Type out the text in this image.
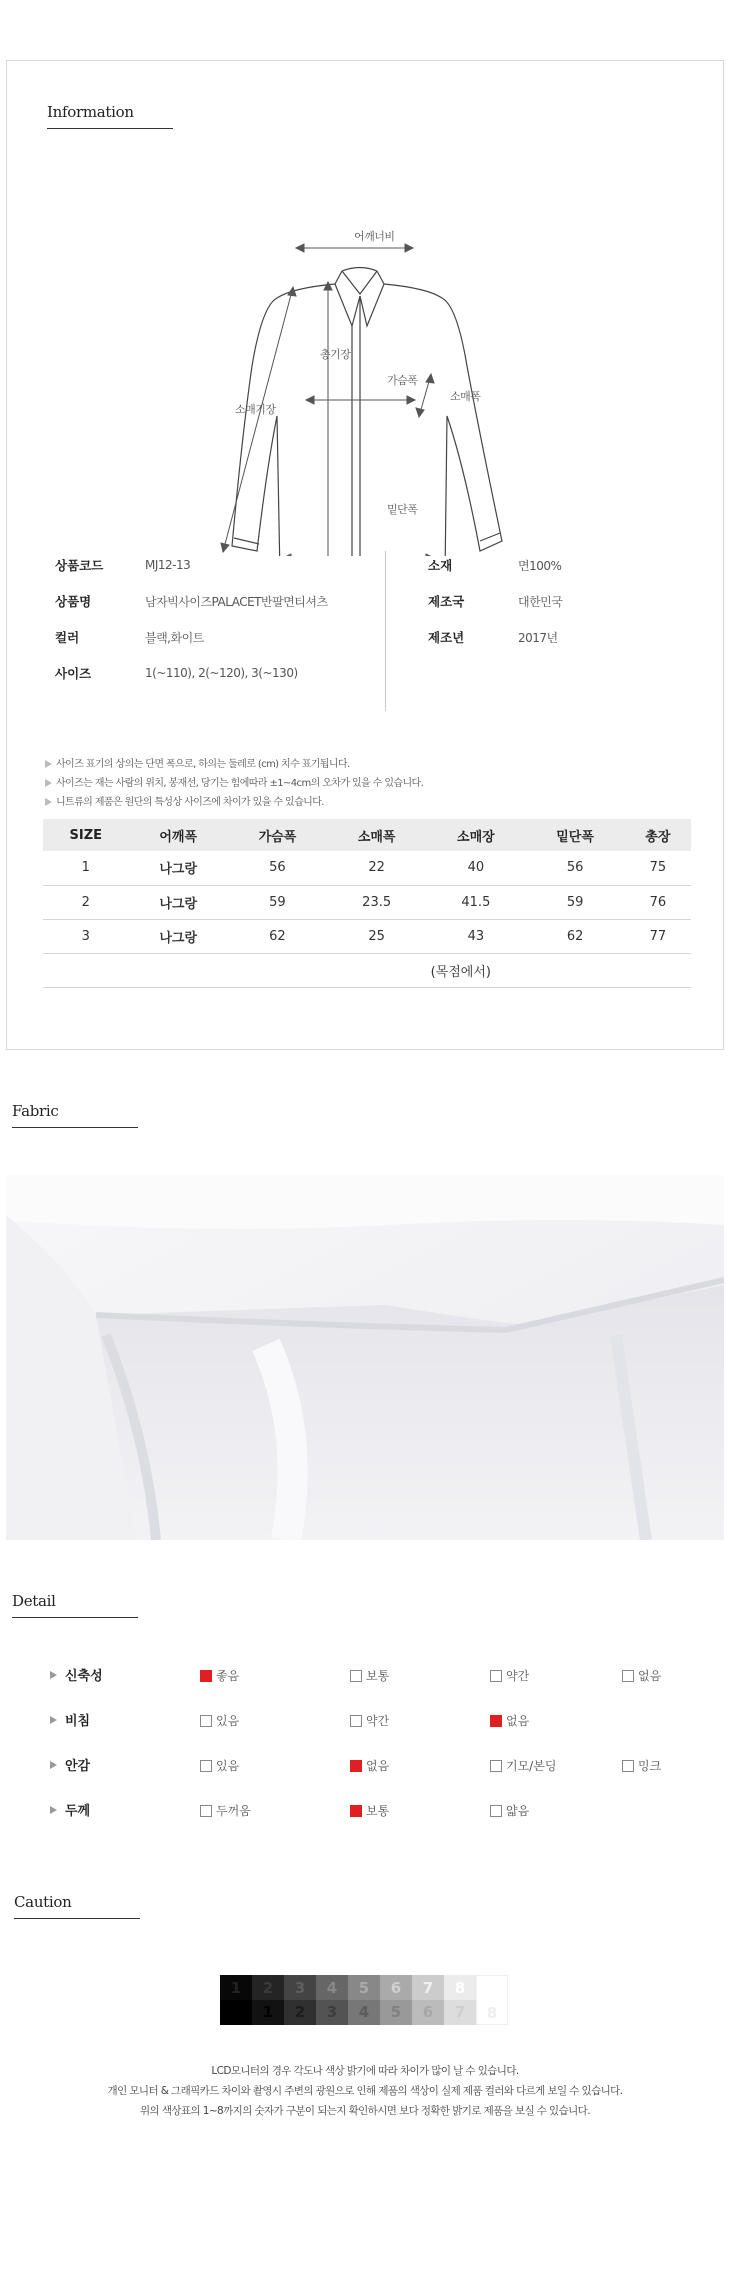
Information
어깨너비
총기장
가슴폭
소매폭
소매기장
밑단폭
상품코드	MJ12-13
상품명	남자빅사이즈PALACET반팔면티셔츠
컬러	블랙,화이트
사이즈	1(~110), 2(~120), 3(~130)
소재	면100%
제조국	대한민국
제조년	2017년
사이즈 표기의 상의는 단면 폭으로, 하의는 둘레로 (cm) 치수 표기됩니다.
사이즈는 재는 사람의 위치, 봉재선, 당기는 힘에따라 ±1~4cm의 오차가 있을 수 있습니다.
니트류의 제품은 원단의 특성상 사이즈에 차이가 있을 수 있습니다.
SIZE	어깨폭	가슴폭	소매폭	소매장	밑단폭	총장
1	나그랑	56	22	40	56	75
2	나그랑	59	23.5	41.5	59	76
3	나그랑	62	25	43	62	77
(목점에서)						
Fabric
Detail
신축성	좋음	보통	약간	없음
비침	있음	약간	없음
안감	있음	없음	기모/본딩	밍크
두께	두꺼움	보통	얇음
Caution
1	2
1
3
2
4
3
5
4
6
5
7
6
8
7	8
LCD모니터의 경우 각도나 색상 밝기에 따라 차이가 많이 날 수 있습니다.
개인 모니터 & 그래픽카드 차이와 촬영시 주변의 광원으로 인해 제품의 색상이 실제 제품 컬러와 다르게 보일 수 있습니다.
위의 색상표의 1~8까지의 숫자가 구분이 되는지 확인하시면 보다 정확한 밝기로 제품을 보실 수 있습니다.
